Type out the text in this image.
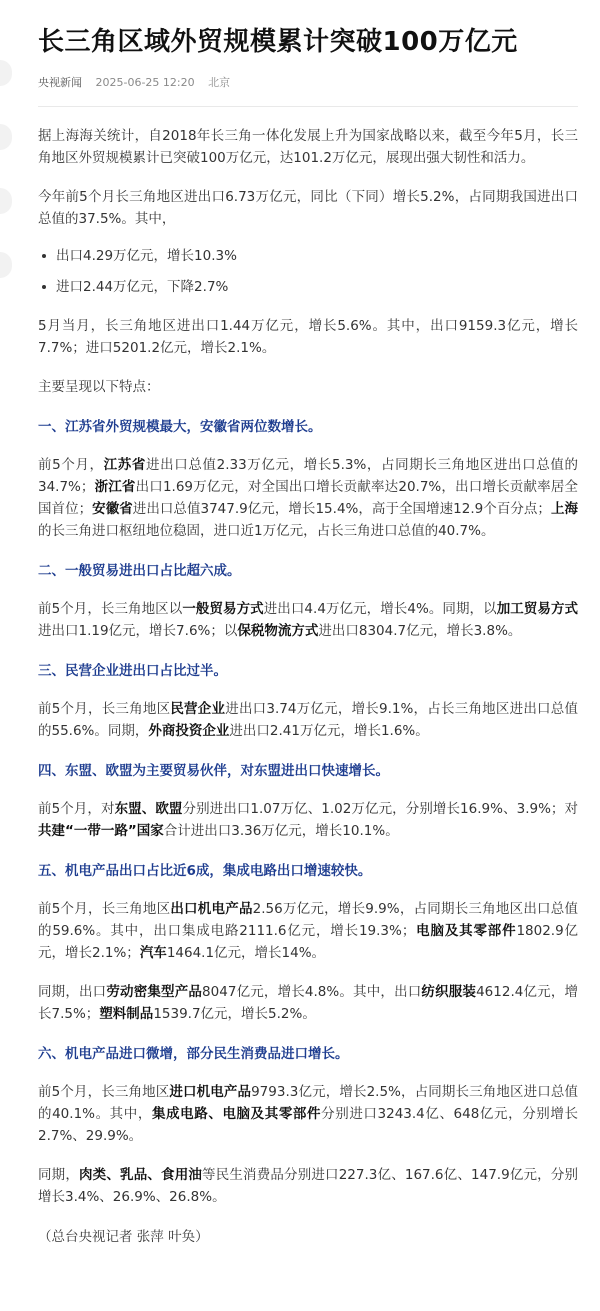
长三角区域外贸规模累计突破100万亿元
央视新闻 2025-06-25 12:20 北京

据上海海关统计，自2018年长三角一体化发展上升为国家战略以来，截至今年5月，长三角地区外贸规模累计已突破100万亿元，达101.2万亿元，展现出强大韧性和活力。

今年前5个月长三角地区进出口6.73万亿元，同比（下同）增长5.2%，占同期我国进出口总值的37.5%。其中，

出口4.29万亿元，增长10.3%
进口2.44万亿元，下降2.7%

5月当月，长三角地区进出口1.44万亿元，增长5.6%。其中，出口9159.3亿元，增长7.7%；进口5201.2亿元，增长2.1%。

主要呈现以下特点：

一、江苏省外贸规模最大，安徽省两位数增长。

前5个月，江苏省进出口总值2.33万亿元，增长5.3%，占同期长三角地区进出口总值的34.7%；浙江省出口1.69万亿元，对全国出口增长贡献率达20.7%，出口增长贡献率居全国首位；安徽省进出口总值3747.9亿元，增长15.4%，高于全国增速12.9个百分点；上海的长三角进口枢纽地位稳固，进口近1万亿元，占长三角进口总值的40.7%。

二、一般贸易进出口占比超六成。

前5个月，长三角地区以一般贸易方式进出口4.4万亿元，增长4%。同期，以加工贸易方式进出口1.19亿元，增长7.6%；以保税物流方式进出口8304.7亿元，增长3.8%。

三、民营企业进出口占比过半。

前5个月，长三角地区民营企业进出口3.74万亿元，增长9.1%，占长三角地区进出口总值的55.6%。同期，外商投资企业进出口2.41万亿元，增长1.6%。

四、东盟、欧盟为主要贸易伙伴，对东盟进出口快速增长。

前5个月，对东盟、欧盟分别进出口1.07万亿、1.02万亿元，分别增长16.9%、3.9%；对共建“一带一路”国家合计进出口3.36万亿元，增长10.1%。

五、机电产品出口占比近6成，集成电路出口增速较快。

前5个月，长三角地区出口机电产品2.56万亿元，增长9.9%，占同期长三角地区出口总值的59.6%。其中，出口集成电路2111.6亿元，增长19.3%；电脑及其零部件1802.9亿元，增长2.1%；汽车1464.1亿元，增长14%。

同期，出口劳动密集型产品8047亿元，增长4.8%。其中，出口纺织服装4612.4亿元，增长7.5%；塑料制品1539.7亿元，增长5.2%。

六、机电产品进口微增，部分民生消费品进口增长。

前5个月，长三角地区进口机电产品9793.3亿元，增长2.5%，占同期长三角地区进口总值的40.1%。其中，集成电路、电脑及其零部件分别进口3243.4亿、648亿元，分别增长2.7%、29.9%。

同期，肉类、乳品、食用油等民生消费品分别进口227.3亿、167.6亿、147.9亿元，分别增长3.4%、26.9%、26.8%。

（总台央视记者 张萍 叶奂）
